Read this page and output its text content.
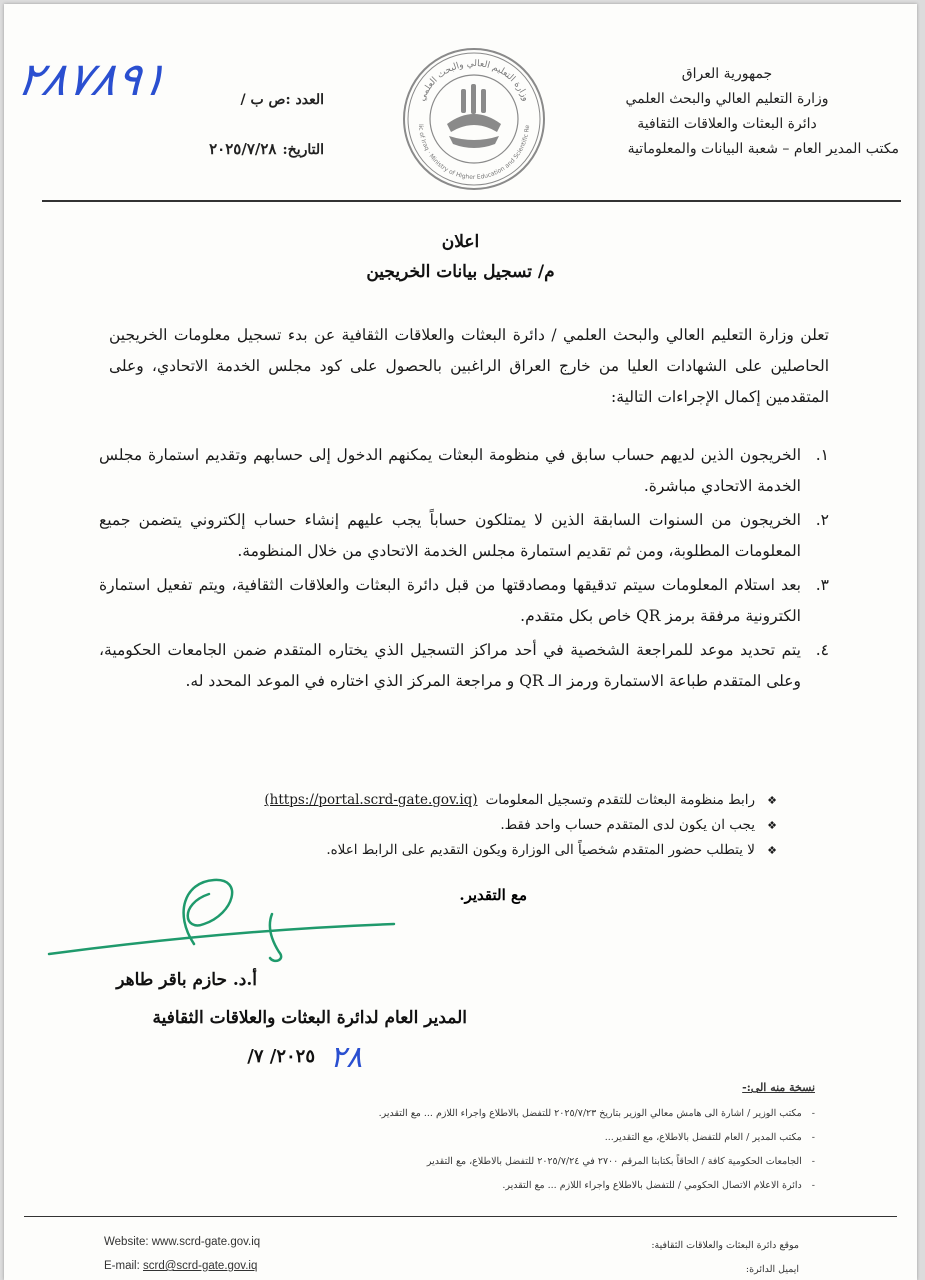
جمهورية العراق
وزارة التعليم العالي والبحث العلمي
دائرة البعثات والعلاقات الثقافية
مكتب المدير العام – شعبة البيانات والمعلوماتية
وزارة التعليم العالي والبحث العلمي
lic of Iraq · Ministry of Higher Education and Scientific Re
العدد :ص ب /
التاريخ:
٢٠٢٥/٧/٢٨
٢٨٧٨٩١
اعلان
م/ تسجيل بيانات الخريجين
تعلن وزارة التعليم العالي والبحث العلمي / دائرة البعثات والعلاقات الثقافية عن بدء تسجيل معلومات الخريجين الحاصلين على الشهادات العليا من خارج العراق الراغبين بالحصول على كود مجلس الخدمة الاتحادي، وعلى المتقدمين إكمال الإجراءات التالية:
١.
الخريجون الذين لديهم حساب سابق في منظومة البعثات يمكنهم الدخول إلى حسابهم وتقديم استمارة مجلس الخدمة الاتحادي مباشرة.
٢.
الخريجون من السنوات السابقة الذين لا يمتلكون حساباً يجب عليهم إنشاء حساب إلكتروني يتضمن جميع المعلومات المطلوبة، ومن ثم تقديم استمارة مجلس الخدمة الاتحادي من خلال المنظومة.
٣.
بعد استلام المعلومات سيتم تدقيقها ومصادقتها من قبل دائرة البعثات والعلاقات الثقافية، ويتم تفعيل استمارة الكترونية مرفقة برمز QR خاص بكل متقدم.
٤.
يتم تحديد موعد للمراجعة الشخصية في أحد مراكز التسجيل الذي يختاره المتقدم ضمن الجامعات الحكومية، وعلى المتقدم طباعة الاستمارة ورمز الـ QR و مراجعة المركز الذي اختاره في الموعد المحدد له.
❖
رابط منظومة البعثات للتقدم وتسجيل المعلومات
(https://portal.scrd-gate.gov.iq)
❖
يجب ان يكون لدى المتقدم حساب واحد فقط.
❖
لا يتطلب حضور المتقدم شخصياً الى الوزارة ويكون التقديم على الرابط اعلاه.
مع التقدير.
أ.د. حازم باقر طاهر
المدير العام لدائرة البعثات والعلاقات الثقافية
٢٠٢٥/ ٧/ ٢٨
نسخة منه الى:-
-
مكتب الوزير / اشارة الى هامش معالي الوزير بتاريخ ٢٠٢٥/٧/٢٣ للتفضل بالاطلاع واجراء اللازم ... مع التقدير.
-
مكتب المدير / العام للتفضل بالاطلاع، مع التقدير...
-
الجامعات الحكومية كافة / الحاقاً بكتابنا المرقم ٢٧٠٠ في ٢٠٢٥/٧/٢٤ للتفضل بالاطلاع، مع التقدير
-
دائرة الاعلام الاتصال الحكومي / للتفضل بالاطلاع واجراء اللازم ... مع التقدير.
Website: www.scrd-gate.gov.iq
E-mail: scrd@scrd-gate.gov.iq
موقع دائرة البعثات والعلاقات الثقافية:
ايميل الدائرة:
